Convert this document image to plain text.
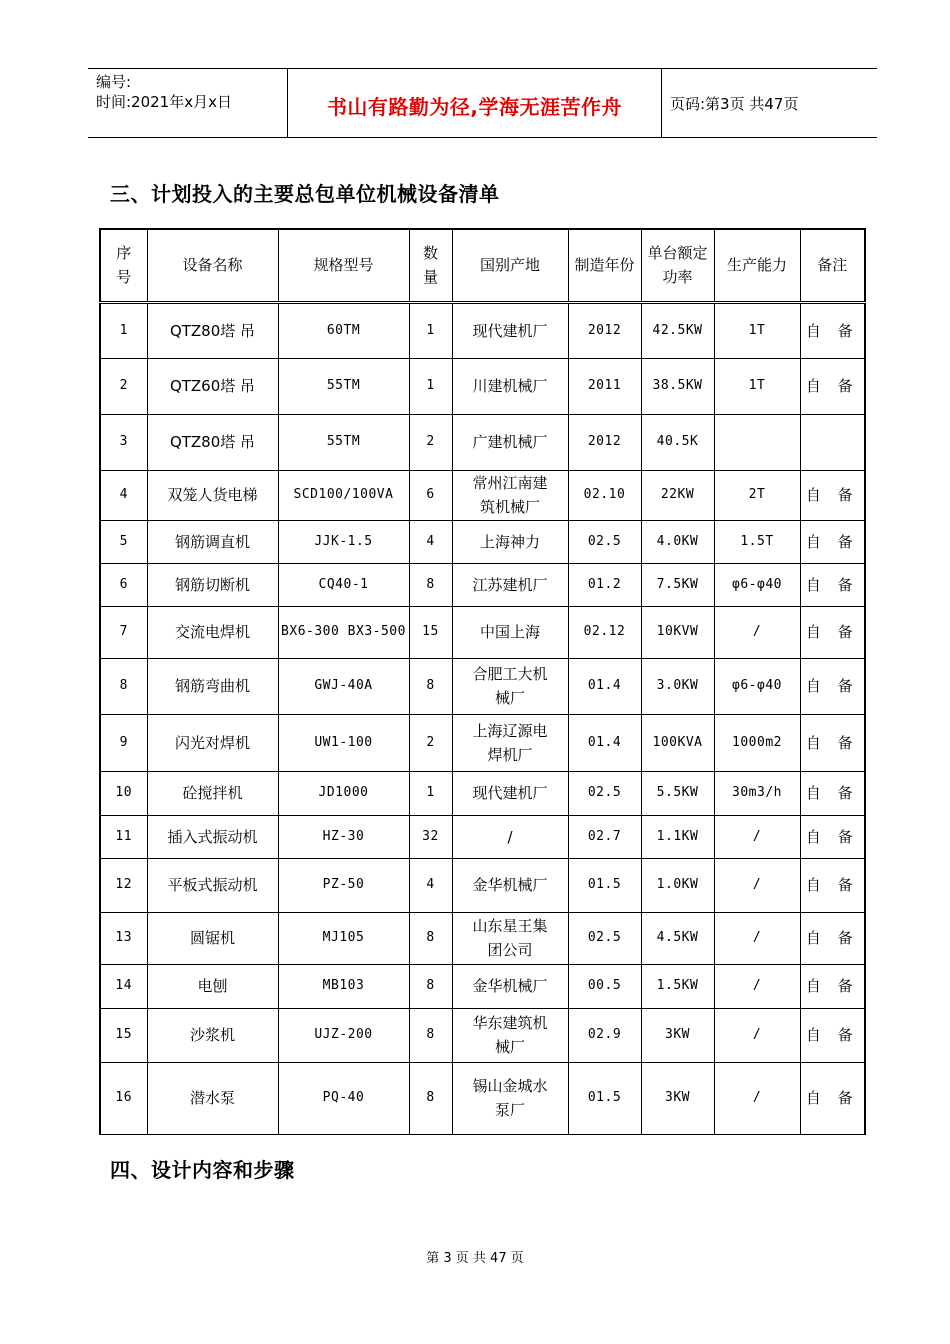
编号:
时间:2021年x月x日	书山有路勤为径,学海无涯苦作舟	页码:第3页 共47页
三、计划投入的主要总包单位机械设备清单
序号	设备名称	规格型号	数量	国别产地	制造年份	单台额定功率	生产能力	备注
1	QTZ80塔 吊	60TM	1	现代建机厂	2012	42.5KW	1T	自 备
2	QTZ60塔 吊	55TM	1	川建机械厂	2011	38.5KW	1T	自 备
3	QTZ80塔 吊	55TM	2	广建机械厂	2012	40.5K		
4	双笼人货电梯	SCD100/100VA	6	常州江南建筑机械厂	02.10	22KW	2T	自 备
5	钢筋调直机	JJK-1.5	4	上海神力	02.5	4.0KW	1.5T	自 备
6	钢筋切断机	CQ40-1	8	江苏建机厂	01.2	7.5KW	φ6-φ40	自 备
7	交流电焊机	BX6-300 BX3-500	15	中国上海	02.12	10KVW	/	自 备
8	钢筋弯曲机	GWJ-40A	8	合肥工大机械厂	01.4	3.0KW	φ6-φ40	自 备
9	闪光对焊机	UW1-100	2	上海辽源电焊机厂	01.4	100KVA	1000m2	自 备
10	砼搅拌机	JD1000	1	现代建机厂	02.5	5.5KW	30m3/h	自 备
11	插入式振动机	HZ-30	32	/	02.7	1.1KW	/	自 备
12	平板式振动机	PZ-50	4	金华机械厂	01.5	1.0KW	/	自 备
13	圆锯机	MJ105	8	山东星王集团公司	02.5	4.5KW	/	自 备
14	电刨	MB103	8	金华机械厂	00.5	1.5KW	/	自 备
15	沙浆机	UJZ-200	8	华东建筑机械厂	02.9	3KW	/	自 备
16	潜水泵	PQ-40	8	锡山金城水泵厂	01.5	3KW	/	自 备
四、设计内容和步骤
第 3 页 共 47 页
